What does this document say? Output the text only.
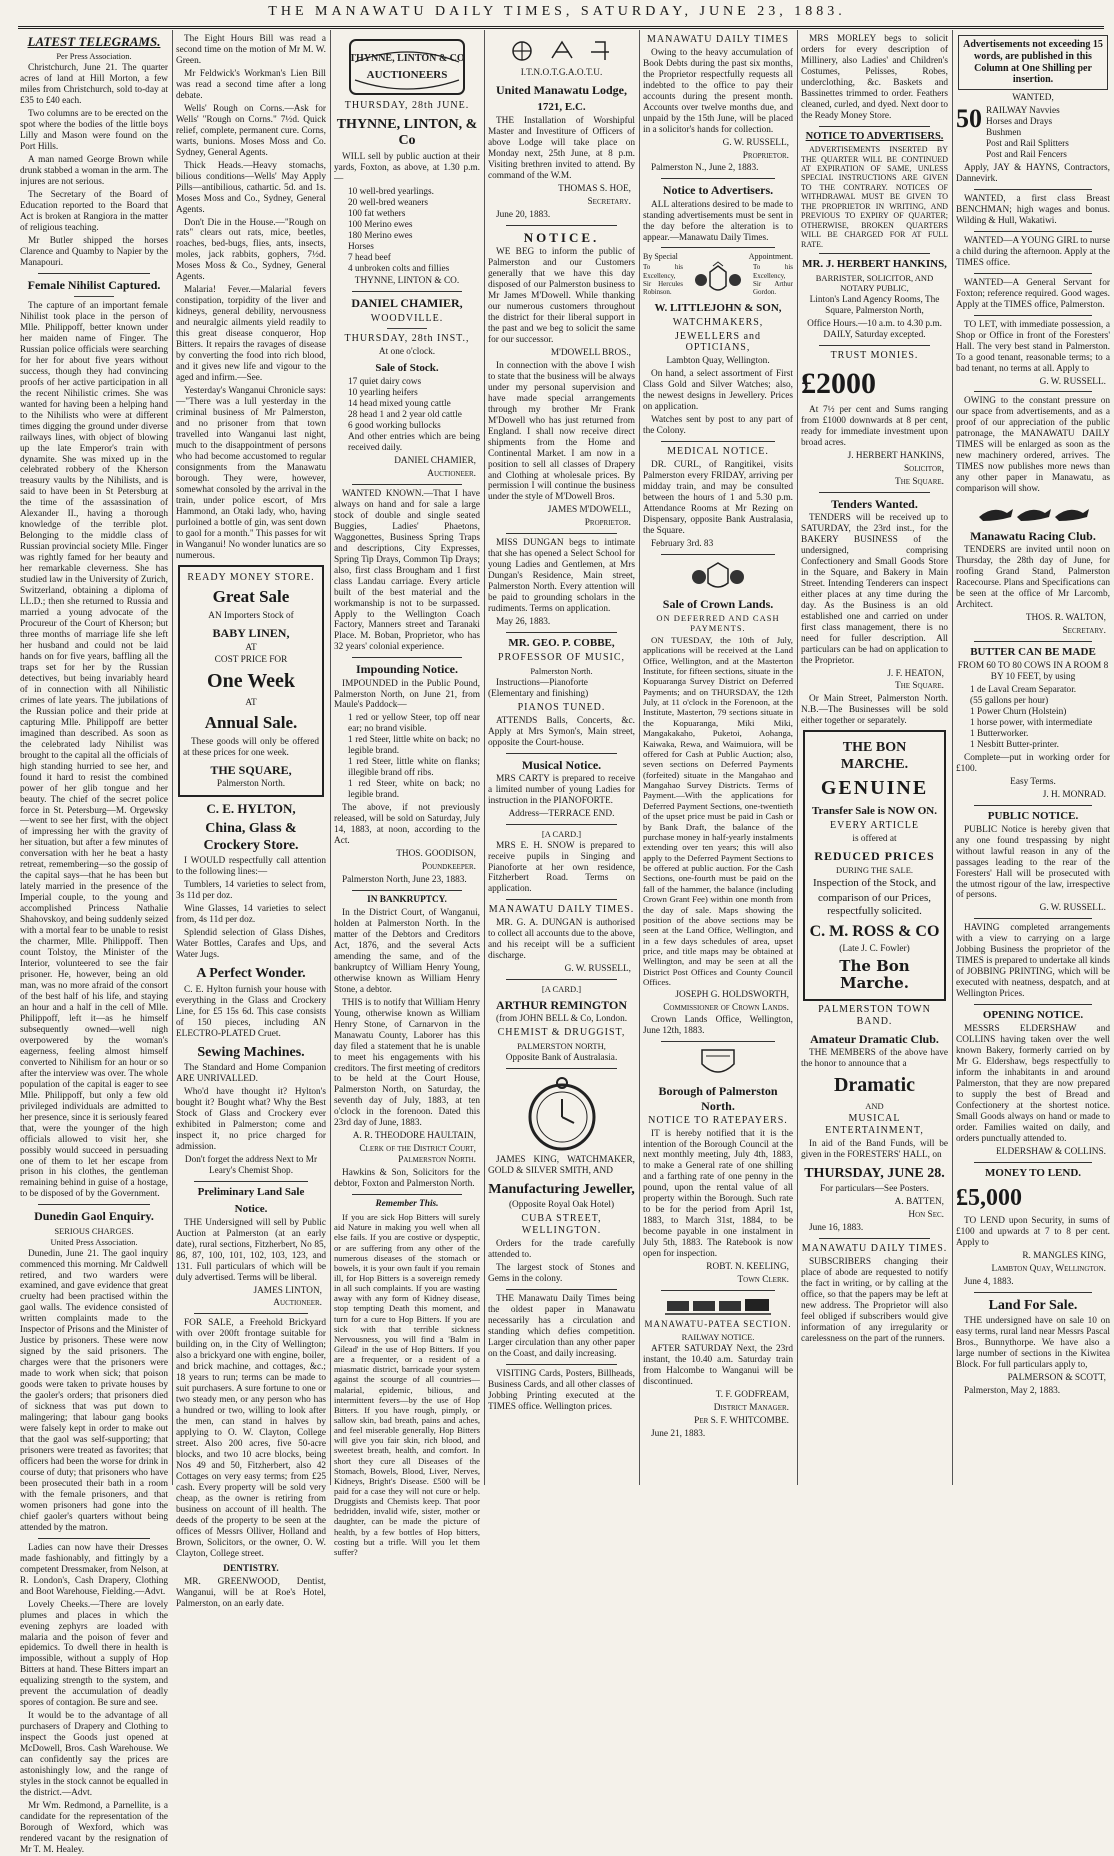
THE MANAWATU DAILY TIMES, SATURDAY, JUNE 23, 1883.
LATEST TELEGRAMS.
Per Press Association.

Christchurch, June 21. The quarter acres of land at Hill Morton, a few miles from Christchurch, sold to-day at £35 to £40 each.

Two columns are to be erected on the spot where the bodies of the little boys Lilly and Mason were found on the Port Hills.

A man named George Brown while drunk stabbed a woman in the arm. The injures are not serious.

The Secretary of the Board of Education reported to the Board that Act is broken at Rangiora in the matter of religious teaching.

Mr Butler shipped the horses Clarence and Quamby to Napier by the Manapouri.

Female Nihilist Captured.

The capture of an important female Nihilist took place in the person of Mlle. Philippoff, better known under her maiden name of Finger. The Russian police officials were searching for her for about five years without success, though they had convincing proofs of her active participation in all the recent Nihilistic crimes. She was wanted for having been a helping hand to the Nihilists who were at different times digging the ground under diverse railways lines, with object of blowing up the late Emperor's train with dynamite. She was mixed up in the celebrated robbery of the Kherson treasury vaults by the Nihilists, and is said to have been in St Petersburg at the time of the assassination of Alexander II., having a thorough knowledge of the terrible plot. Belonging to the middle class of Russian provincial society Mlle. Finger was rightly famed for her beauty and her remarkable cleverness. She has studied law in the University of Zurich, Switzerland, obtaining a diploma of LL.D.; then she returned to Russia and married a young advocate of the Procureur of the Court of Kherson; but three months of marriage life she left her husband and could not be laid hands on for five years, baffling all the traps set for her by the Russian detectives, but being invariably heard of in connection with all Nihilistic crimes of late years. The jubilations of the Russian police and their pride at capturing Mlle. Philippoff are better imagined than described. As soon as the celebrated lady Nihilist was brought to the capital all the officials of high standing hurried to see her, and found it hard to resist the combined power of her glib tongue and her beauty. The chief of the secret police force in St. Petersburg—M. Orgewsky—went to see her first, with the object of impressing her with the gravity of her situation, but after a few minutes of conversation with her he beat a hasty retreat, remembering—so the gossip of the capital says—that he has been but lately married in the presence of the Imperial couple, to the young and accomplished Princess Nathalie Shahovskoy, and being suddenly seized with a mortal fear to be unable to resist the charmer, Mlle. Philippoff. Then count Tolstoy, the Minister of the Interior, volunteered to see the fair prisoner. He, however, being an old man, was no more afraid of the consort of the best half of his life, and staying an hour and a half in the cell of Mlle. Philippoff, left it—as he himself subsequently owned—well nigh overpowered by the woman's eagerness, feeling almost himself converted to Nihilism for an hour or so after the interview was over. The whole population of the capital is eager to see Mlle. Philippoff, but only a few old privileged individuals are admitted to her presence, since it is seriously feared that, were the younger of the high officials allowed to visit her, she possibly would succeed in persuading one of them to let her escape from prison in his clothes, the gentleman remaining behind in guise of a hostage, to be disposed of by the Government.

Dunedin Gaol Enquiry.
SERIOUS CHARGES.
United Press Association.

Dunedin, June 21. The gaol inquiry commenced this morning. Mr Caldwell retired, and two warders were examined, and gave evidence that great cruelty had been practised within the gaol walls. The evidence consisted of written complaints made to the Inspector of Prisons and the Minister of Justice by prisoners. These were now signed by the said prisoners. The charges were that the prisoners were made to work when sick; that poison goods were taken to private houses by the gaoler's orders; that prisoners died of sickness that was put down to malingering; that labour gang books were falsely kept in order to make out that the gaol was self-supporting; that prisoners were treated as favorites; that officers had been the worse for drink in course of duty; that prisoners who have been prosecuted their bath in a room with the female prisoners, and that women prisoners had gone into the chief gaoler's quarters without being attended by the matron.

Ladies can now have their Dresses made fashionably, and fittingly by a competent Dressmaker, from Nelson, at R. London's, Cash Drapery, Clothing and Boot Warehouse, Fielding.—Advt.

Lovely Cheeks.—There are lovely plumes and places in which the evening zephyrs are loaded with malaria and the poison of fever and epidemics. To dwell there in health is impossible, without a supply of Hop Bitters at hand. These Bitters impart an equalizing strength to the system, and prevent the accumulation of deadly spores of contagion. Be sure and see.

It would be to the advantage of all purchasers of Drapery and Clothing to inspect the Goods just opened at McDowell, Bros. Cash Warehouse. We can confidently say the prices are astonishingly low, and the range of styles in the stock cannot be equalled in the district.—Advt.

Mr Wm. Redmond, a Parnellite, is a candidate for the representation of the Borough of Wexford, which was rendered vacant by the resignation of Mr T. M. Healey.

The Eight Hours Bill was read a second time on the motion of Mr M. W. Green.

Mr Feldwick's Workman's Lien Bill was read a second time after a long debate.

Wells' Rough on Corns.—Ask for Wells' "Rough on Corns." 7½d. Quick relief, complete, permanent cure. Corns, warts, bunions. Moses Moss and Co. Sydney, General Agents.

Thick Heads.—Heavy stomachs, bilious conditions—Wells' May Apply Pills—antibilious, cathartic. 5d. and 1s. Moses Moss and Co., Sydney, General Agents.

Don't Die in the House.—"Rough on rats" clears out rats, mice, beetles, roaches, bed-bugs, flies, ants, insects, moles, jack rabbits, gophers, 7½d. Moses Moss & Co., Sydney, General Agents.

Malaria! Fever.—Malarial fevers constipation, torpidity of the liver and kidneys, general debility, nervousness and neuralgic ailments yield readily to this great disease conqueror, Hop Bitters. It repairs the ravages of disease by converting the food into rich blood, and it gives new life and vigour to the aged and infirm.—See.

Yesterday's Wanganui Chronicle says:—"There was a lull yesterday in the criminal business of Mr Palmerston, and no prisoner from that town travelled into Wanganui last night, much to the disappointment of persons who had become accustomed to regular consignments from the Manawatu borough. They were, however, somewhat consoled by the arrival in the train, under police escort, of Mrs Hammond, an Otaki lady, who, having purloined a bottle of gin, was sent down to gaol for a month." This passes for wit in Wanganui! No wonder lunatics are so numerous.

READY MONEY STORE.
Great Sale
AN Importers Stock of
BABY LINEN,
AT
COST PRICE FOR
One Week
AT
Annual Sale.

These goods will only be offered at these prices for one week.

THE SQUARE,
Palmerston North.
C. E. HYLTON,
China, Glass & Crockery Store.

I WOULD respectfully call attention to the following lines:—

Tumblers, 14 varieties to select from, 3s 11d per doz.

Wine Glasses, 14 varieties to select from, 4s 11d per doz.

Splendid selection of Glass Dishes, Water Bottles, Carafes and Ups, and Water Jugs.

A Perfect Wonder.

C. E. Hylton furnish your house with everything in the Glass and Crockery Line, for £5 15s 6d. This case consists of 150 pieces, including AN ELECTRO-PLATED Cruet.

Sewing Machines.

The Standard and Home Companion ARE UNRIVALLED.

Who'd have thought it? Hylton's bought it? Bought what? Why the Best Stock of Glass and Crockery ever exhibited in Palmerston; come and inspect it, no price charged for admission.

Don't forget the address Next to Mr Leary's Chemist Shop.

Preliminary Land Sale
Notice.

THE Undersigned will sell by Public Auction at Palmerston (at an early date), rural sections, Fitzherbert, No 85, 86, 87, 100, 101, 102, 103, 123, and 131. Full particulars of which will be duly advertised. Terms will be liberal.

JAMES LINTON,
Auctioneer.

FOR SALE, a Freehold Brickyard with over 200ft frontage suitable for building on, in the City of Wellington; also a brickyard one with engine, boiler, and brick machine, and cottages, &c.; 18 years to run; terms can be made to suit purchasers. A sure fortune to one or two steady men, or any person who has a hundred or two, willing to look after the men, can stand in halves by applying to O. W. Clayton, College street. Also 200 acres, five 50-acre blocks, and two 10 acre blocks, being Nos 49 and 50, Fitzherbert, also 42 Cottages on very easy terms; from £25 cash. Every property will be sold very cheap, as the owner is retiring from business on account of ill health. The deeds of the property to be seen at the offices of Messrs Olliver, Holland and Brown, Solicitors, or the owner, O. W. Clayton, College street.

DENTISTRY.

MR. GREENWOOD, Dentist, Wanganui, will be at Roe's Hotel, Palmerston, on an early date.

THYNNE, LINTON & CO
AUCTIONEERS
THURSDAY, 28th JUNE.
THYNNE, LINTON, & Co

WILL sell by public auction at their yards, Foxton, as above, at 1.30 p.m.—

10 well-bred yearlings.
20 well-bred weaners
100 fat wethers
100 Merino ewes
180 Merino ewes
Horses
7 head beef
4 unbroken colts and fillies
THYNNE, LINTON & CO.
DANIEL CHAMIER,
WOODVILLE.
THURSDAY, 28th INST.,
At one o'clock.
Sale of Stock.
17 quiet dairy cows
10 yearling heifers
14 head mixed young cattle
28 head 1 and 2 year old cattle
6 good working bullocks
And other entries which are being received daily.
DANIEL CHAMIER,
Auctioneer.

WANTED KNOWN.—That I have always on hand and for sale a large stock of double and single seated Buggies, Ladies' Phaetons, Waggonettes, Business Spring Traps and descriptions, City Expresses, Spring Tip Drays, Common Tip Drays; also, first class Brougham and 1 first class Landau carriage. Every article built of the best material and the workmanship is not to be surpassed. Apply to the Wellington Coach Factory, Manners street and Taranaki Place. M. Boban, Proprietor, who has 32 years' colonial experience.

Impounding Notice.

IMPOUNDED in the Public Pound, Palmerston North, on June 21, from Maule's Paddock—

1 red or yellow Steer, top off near ear; no brand visible.
1 red Steer, little white on back; no legible brand.
1 red Steer, little white on flanks; illegible brand off ribs.
1 red Steer, white on back; no legible brand.

The above, if not previously released, will be sold on Saturday, July 14, 1883, at noon, according to the Act.

THOS. GOODISON,
Poundkeeper.

Palmerston North, June 23, 1883.

IN BANKRUPTCY.

In the District Court, of Wanganui, holden at Palmerston North. In the matter of the Debtors and Creditors Act, 1876, and the several Acts amending the same, and of the bankruptcy of William Henry Young, otherwise known as William Henry Stone, a debtor.

THIS is to notify that William Henry Young, otherwise known as William Henry Stone, of Carnarvon in the Manawatu County, Laborer has this day filed a statement that he is unable to meet his engagements with his creditors. The first meeting of creditors to be held at the Court House, Palmerston North, on Saturday, the seventh day of July, 1883, at ten o'clock in the forenoon. Dated this 23rd day of June, 1883.

A. R. THEODORE HAULTAIN,
Clerk of the District Court, Palmerston North.

Hawkins & Son, Solicitors for the debtor, Foxton and Palmerston North.

Remember This.

If you are sick Hop Bitters will surely aid Nature in making you well when all else fails. If you are costive or dyspeptic, or are suffering from any other of the numerous diseases of the stomach or bowels, it is your own fault if you remain ill, for Hop Bitters is a sovereign remedy in all such complaints. If you are wasting away with any form of Kidney disease, stop tempting Death this moment, and turn for a cure to Hop Bitters. If you are sick with that terrible sickness Nervousness, you will find a 'Balm in Gilead' in the use of Hop Bitters. If you are a frequenter, or a resident of a miasmatic district, barricade your system against the scourge of all countries—malarial, epidemic, bilious, and intermittent fevers—by the use of Hop Bitters. If you have rough, pimply, or sallow skin, bad breath, pains and aches, and feel miserable generally, Hop Bitters will give you fair skin, rich blood, and sweetest breath, health, and comfort. In short they cure all Diseases of the Stomach, Bowels, Blood, Liver, Nerves, Kidneys, Bright's Disease. £500 will be paid for a case they will not cure or help. Druggists and Chemists keep. That poor bedridden, invalid wife, sister, mother or daughter, can be made the picture of health, by a few bottles of Hop bitters, costing but a trifle. Will you let them suffer?

I.T.N.O.T.G.A.O.T.U.
United Manawatu Lodge,
1721, E.C.

THE Installation of Worshipful Master and Investiture of Officers of above Lodge will take place on Monday next, 25th June, at 8 p.m. Visiting brethren invited to attend. By command of the W.M.

THOMAS S. HOE,
Secretary.

June 20, 1883.

NOTICE.

WE BEG to inform the public of Palmerston and our Customers generally that we have this day disposed of our Palmerston business to Mr James M'Dowell. While thanking our numerous customers throughout the district for their liberal support in the past and we beg to solicit the same for our successor.

M'DOWELL BROS.,

In connection with the above I wish to state that the business will be always under my personal supervision and have made special arrangements through my brother Mr Frank M'Dowell who has just returned from England. I shall now receive direct shipments from the Home and Continental Market. I am now in a position to sell all classes of Drapery and Clothing at wholesale prices. By permission I will continue the business under the style of M'Dowell Bros.

JAMES M'DOWELL,
Proprietor.

MISS DUNGAN begs to intimate that she has opened a Select School for young Ladies and Gentlemen, at Mrs Dungan's Residence, Main street, Palmerston North. Every attention will be paid to grounding scholars in the rudiments. Terms on application.

May 26, 1883.

MR. GEO. P. COBBE,
PROFESSOR OF MUSIC,
Palmerston North.

Instructions—Pianoforte (Elementary and finishing)

PIANOS TUNED.

ATTENDS Balls, Concerts, &c. Apply at Mrs Symon's, Main street, opposite the Court-house.

Musical Notice.

MRS CARTY is prepared to receive a limited number of young Ladies for instruction in the PIANOFORTE.

Address—TERRACE END.
[A CARD.]

MRS E. H. SNOW is prepared to receive pupils in Singing and Pianoforte at her own residence, Fitzherbert Road. Terms on application.

MANAWATU DAILY TIMES.

MR. G. A. DUNGAN is authorised to collect all accounts due to the above, and his receipt will be a sufficient discharge.

G. W. RUSSELL,
[A CARD.]
ARTHUR REMINGTON
(from JOHN BELL & Co, London.
CHEMIST & DRUGGIST,
PALMERSTON NORTH,
Opposite Bank of Australasia.

JAMES KING, WATCHMAKER, GOLD & SILVER SMITH, AND

Manufacturing Jeweller,
(Opposite Royal Oak Hotel)
CUBA STREET, WELLINGTON.

Orders for the trade carefully attended to.

The largest stock of Stones and Gems in the colony.

THE Manawatu Daily Times being the oldest paper in Manawatu necessarily has a circulation and standing which defies competition. Larger circulation than any other paper on the Coast, and daily increasing.

VISITING Cards, Posters, Billheads, Business Cards, and all other classes of Jobbing Printing executed at the TIMES office. Wellington prices.

MANAWATU DAILY TIMES

Owing to the heavy accumulation of Book Debts during the past six months, the Proprietor respectfully requests all indebted to the office to pay their accounts during the present month. Accounts over twelve months due, and unpaid by the 15th June, will be placed in a solicitor's hands for collection.

G. W. RUSSELL,
Proprietor.

Palmerston N., June 2, 1883.

Notice to Advertisers.

ALL alterations desired to be made to standing advertisements must be sent in the day before the alteration is to appear.—Manawatu Daily Times.

By Special	Appointment.
To his Excellency, Sir Hercules Robinson.
To his Excellency, Sir Arthur Gordon.
W. LITTLEJOHN & SON,
WATCHMAKERS,
JEWELLERS and OPTICIANS,
Lambton Quay, Wellington.

On hand, a select assortment of First Class Gold and Silver Watches; also, the newest designs in Jewellery. Prices on application.

Watches sent by post to any part of the Colony.

MEDICAL NOTICE.

DR. CURL, of Rangitikei, visits Palmerston every FRIDAY, arriving per midday train, and may be consulted between the hours of 1 and 5.30 p.m. Attendance Rooms at Mr Rezing on Dispensary, opposite Bank Australasia, the Square.

February 3rd. 83

Sale of Crown Lands.
ON DEFERRED AND CASH PAYMENTS.

ON TUESDAY, the 10th of July, applications will be received at the Land Office, Wellington, and at the Masterton Institute, for fifteen sections, situate in the Kopuaranga Survey District on Deferred Payments; and on THURSDAY, the 12th July, at 11 o'clock in the Forenoon, at the Institute, Masterton, 79 sections situate in the Kopuaranga, Miki Miki, Mangakakaho, Puketoi, Aohanga, Kaiwaka, Rewa, and Waimuiora, will be offered for Cash at Public Auction; also, seven sections on Deferred Payments (forfeited) situate in the Mangahao and Mangahao Survey Districts. Terms of Payment.—With the applications for Deferred Payment Sections, one-twentieth of the upset price must be paid in Cash or by Bank Draft, the balance of the purchase money in half-yearly instalments extending over ten years; this will also apply to the Deferred Payment Sections to be offered at public auction. For the Cash Sections, one-fourth must be paid on the fall of the hammer, the balance (including Crown Grant Fee) within one month from the day of sale. Maps showing the position of the above sections may be seen at the Land Office, Wellington, and in a few days schedules of area, upset price, and title maps may be obtained at Wellington, and may be seen at all the District Post Offices and County Council Offices.

JOSEPH G. HOLDSWORTH,
Commissioner of Crown Lands.

Crown Lands Office, Wellington, June 12th, 1883.

Borough of Palmerston North.
NOTICE TO RATEPAYERS.

IT is hereby notified that it is the intention of the Borough Council at the next monthly meeting, July 4th, 1883, to make a General rate of one shilling and a farthing rate of one penny in the pound, upon the rental value of all property within the Borough. Such rate to be for the period from April 1st, 1883, to March 31st, 1884, to be become payable in one instalment in July 5th, 1883. The Ratebook is now open for inspection.

ROBT. N. KEELING,
Town Clerk.
MANAWATU-PATEA SECTION.
RAILWAY NOTICE.

AFTER SATURDAY Next, the 23rd instant, the 10.40 a.m. Saturday train from Halcombe to Wanganui will be discontinued.

T. F. GODFREAM,
District Manager.
Per S. F. WHITCOMBE.

June 21, 1883.

MRS MORLEY begs to solicit orders for every description of Millinery, also Ladies' and Children's Costumes, Pelisses, Robes, underclothing, &c. Baskets and Bassinettes trimmed to order. Feathers cleaned, curled, and dyed. Next door to the Ready Money Store.

NOTICE TO ADVERTISERS.

ADVERTISEMENTS INSERTED BY THE QUARTER WILL BE CONTINUED AT EXPIRATION OF SAME, UNLESS SPECIAL INSTRUCTIONS ARE GIVEN TO THE CONTRARY. NOTICES OF WITHDRAWAL MUST BE GIVEN TO THE PROPRIETOR IN WRITING, AND PREVIOUS TO EXPIRY OF QUARTER; OTHERWISE, BROKEN QUARTERS WILL BE CHARGED FOR AT FULL RATE.

MR. J. HERBERT HANKINS,
BARRISTER, SOLICITOR, AND NOTARY PUBLIC,
Linton's Land Agency Rooms, The Square, Palmerston North,
Office Hours.—10 a.m. to 4.30 p.m. DAILY, Saturday excepted.
TRUST MONIES.
£2000

At 7½ per cent and Sums ranging from £1000 downwards at 8 per cent, ready for immediate investment upon broad acres.

J. HERBERT HANKINS,
Solicitor,
The Square.
Tenders Wanted.

TENDERS will be received up to SATURDAY, the 23rd inst., for the BAKERY BUSINESS of the undersigned, comprising Confectionery and Small Goods Store in the Square, and Bakery in Main Street. Intending Tenderers can inspect either places at any time during the day. As the Business is an old established one and carried on under first class management, there is no need for fuller description. All particulars can be had on application to the Proprietor.

J. F. HEATON,
The Square.

Or Main Street, Palmerston North. N.B.—The Businesses will be sold either together or separately.

THE BON MARCHE.
GENUINE
Transfer Sale is NOW ON.
EVERY ARTICLE
is offered at
REDUCED PRICES
DURING THE SALE.
Inspection of the Stock, and
comparison of our Prices, respectfully solicited.
C. M. ROSS & CO
(Late J. C. Fowler)
The Bon Marche.
PALMERSTON TOWN BAND.
Amateur Dramatic Club.

THE MEMBERS of the above have the honor to announce that a

Dramatic
AND
MUSICAL ENTERTAINMENT,

In aid of the Band Funds, will be given in the FORESTERS' HALL, on

THURSDAY, JUNE 28.
For particulars—See Posters.
A. BATTEN,
Hon Sec.

June 16, 1883.

MANAWATU DAILY TIMES.

SUBSCRIBERS changing their place of abode are requested to notify the fact in writing, or by calling at the office, so that the papers may be left at new address. The Proprietor will also feel obliged if subscribers would give information of any irregularity or carelessness on the part of the runners.

Advertisements not exceeding 15 words, are published in this Column at One Shilling per insertion.
WANTED,
50 RAILWAY Navvies
Horses and Drays
Bushmen
Post and Rail Splitters
Post and Rail Fencers

Apply, JAY & HAYNS, Contractors, Dannevirk.

WANTED, a first class Breast BENCHMAN; high wages and bonus. Wilding & Hull, Wakatiwi.

WANTED—A YOUNG GIRL to nurse a child during the afternoon. Apply at the TIMES office.

WANTED—A General Servant for Foxton; reference required. Good wages. Apply at the TIMES office, Palmerston.

TO LET, with immediate possession, a Shop or Office in front of the Foresters' Hall. The very best stand in Palmerston. To a good tenant, reasonable terms; to a bad tenant, no terms at all. Apply to

G. W. RUSSELL.

OWING to the constant pressure on our space from advertisements, and as a proof of our appreciation of the public patronage, the MANAWATU DAILY TIMES will be enlarged as soon as the new machinery ordered, arrives. The TIMES now publishes more news than any other paper in Manawatu, as comparison will show.

Manawatu Racing Club.

TENDERS are invited until noon on Thursday, the 28th day of June, for roofing Grand Stand, Palmerston Racecourse. Plans and Specifications can be seen at the office of Mr Larcomb, Architect.

THOS. R. WALTON,
Secretary.
BUTTER CAN BE MADE
FROM 60 TO 80 COWS IN A ROOM 8 BY 10 FEET, by using
1 de Laval Cream Separator.
(55 gallons per hour)
1 Power Churn (Holstein)
1 horse power, with intermediate
1 Butterworker.
1 Nesbitt Butter-printer.

Complete—put in working order for £100.

Easy Terms.
J. H. MONRAD.
PUBLIC NOTICE.

PUBLIC Notice is hereby given that any one found trespassing by night without lawful reason in any of the passages leading to the rear of the Foresters' Hall will be prosecuted with the utmost rigour of the law, irrespective of persons.

G. W. RUSSELL.

HAVING completed arrangements with a view to carrying on a large Jobbing Business the proprietor of the TIMES is prepared to undertake all kinds of JOBBING PRINTING, which will be executed with neatness, despatch, and at Wellington Prices.

OPENING NOTICE.

MESSRS ELDERSHAW and COLLINS having taken over the well known Bakery, formerly carried on by Mr G. Eldershaw, begs respectfully to inform the inhabitants in and around Palmerston, that they are now prepared to supply the best of Bread and Confectionery at the shortest notice. Small Goods always on hand or made to order. Families waited on daily, and orders punctually attended to.

ELDERSHAW & COLLINS.
MONEY TO LEND.
£5,000

TO LEND upon Security, in sums of £100 and upwards at 7 to 8 per cent. Apply to

R. MANGLES KING,
Lambton Quay, Wellington.

June 4, 1883.

Land For Sale.

THE undersigned have on sale 10 on easy terms, rural land near Messrs Pascal Bros., Bunnythorpe. We have also a large number of sections in the Kiwitea Block. For full particulars apply to,

PALMERSON & SCOTT,

Palmerston, May 2, 1883.
